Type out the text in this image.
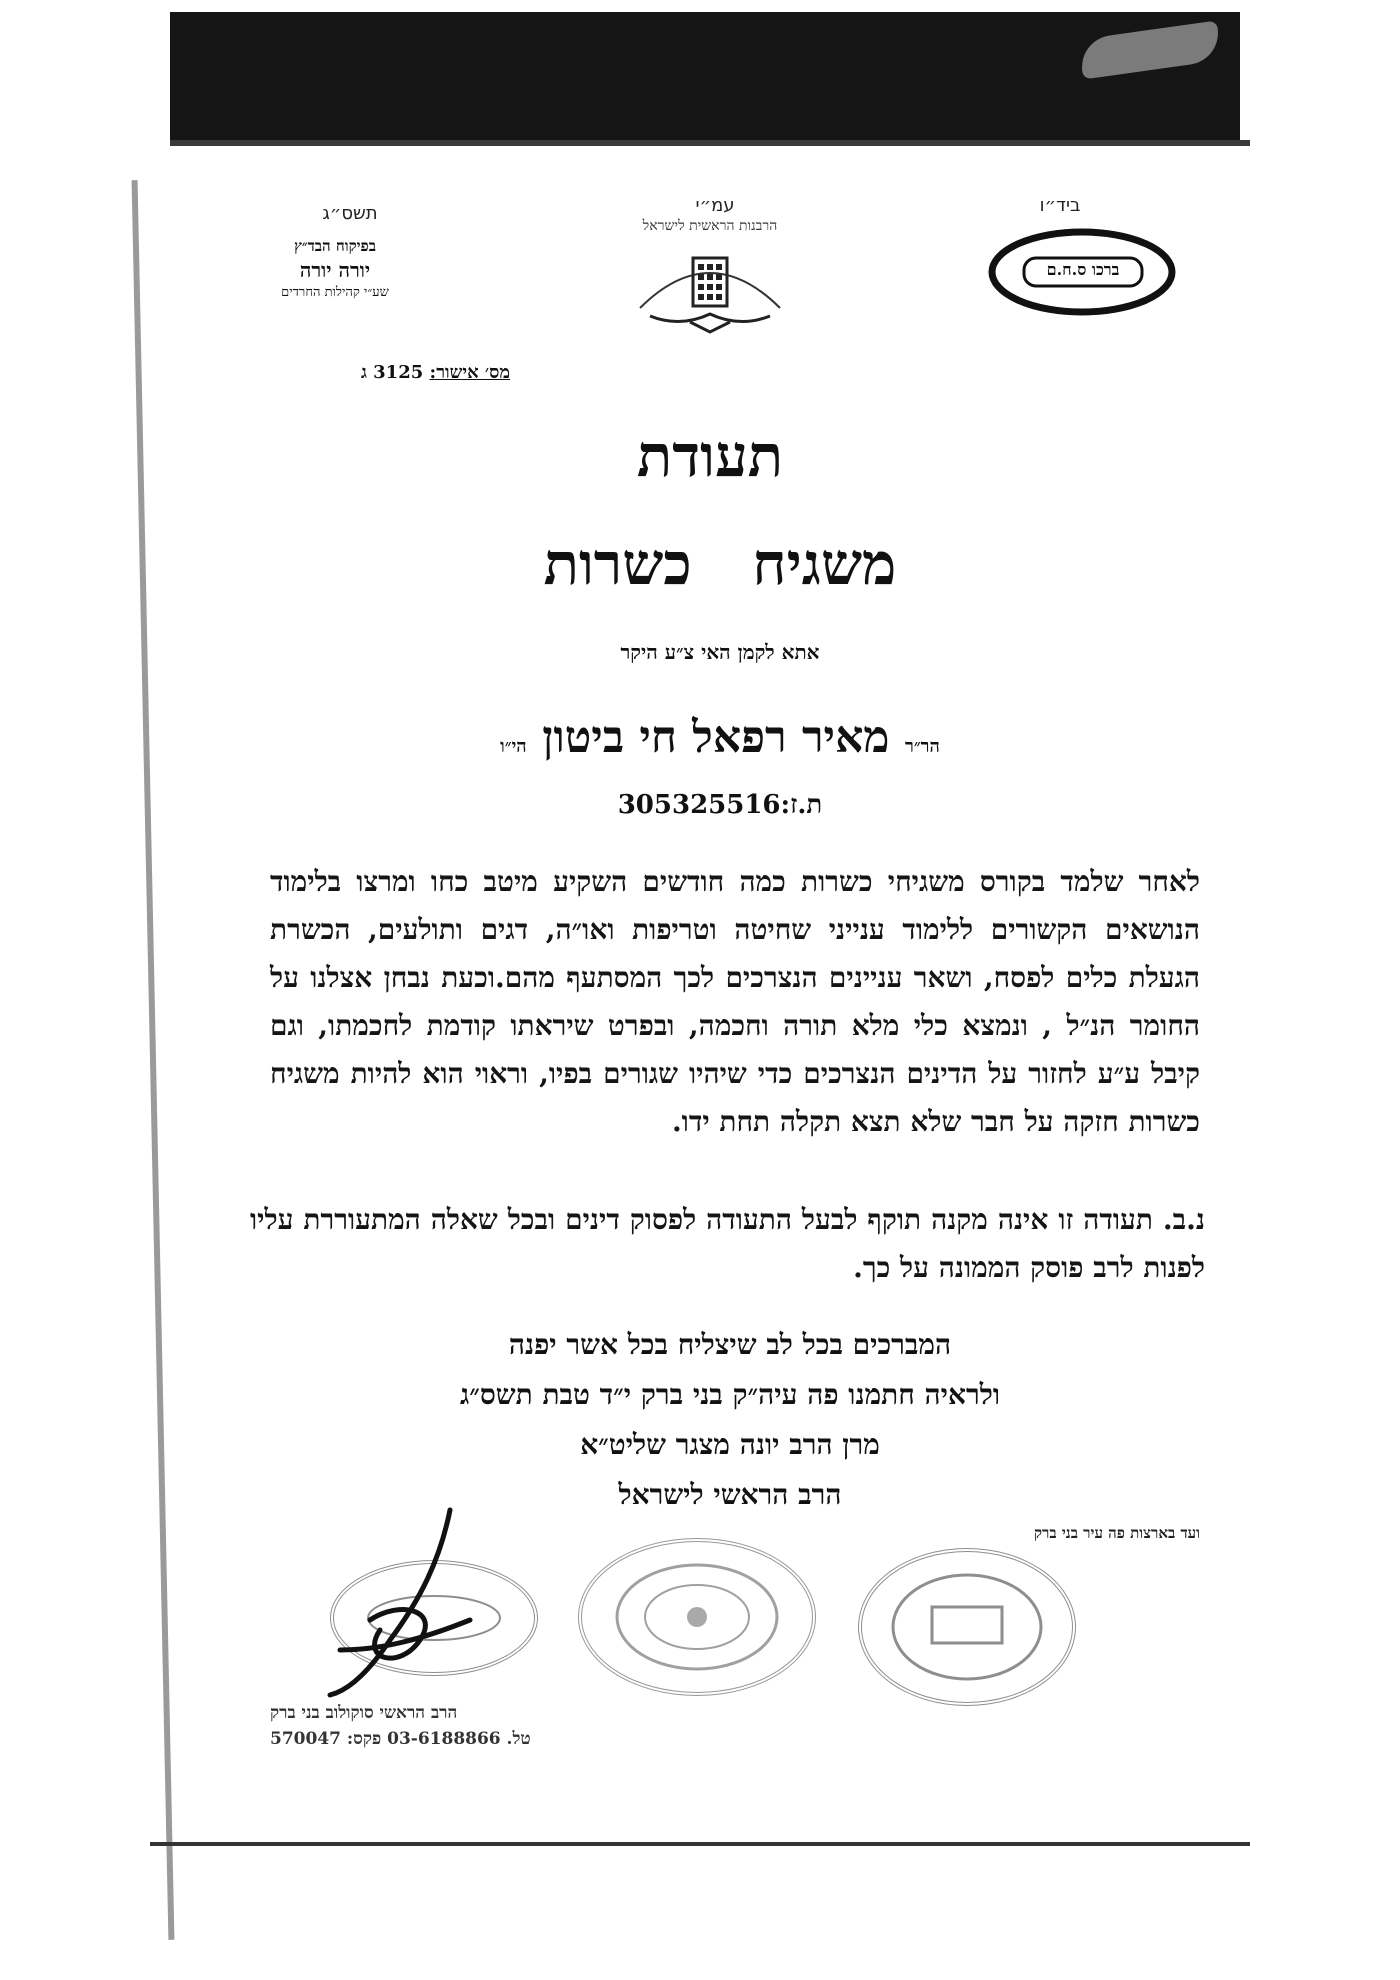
ביד״ו
עמ״י
תשס״ג
ברכו ס.ח.ם
הרבנות הראשית לישראל
בפיקוח הבד״ץ
יורה יורה
שע״י קהילות החרדים
מס׳ אישור: 3125 ג
תעודת
משגיח   כשרות
אתא לקמן האי צ״ע היקר
הר״ר מאיר רפאל חי ביטון הי״ו
ת.ז:305325516
לאחר שלמד בקורס משגיחי כשרות כמה חודשים השקיע מיטב כחו ומרצו בלימוד הנושאים הקשורים ללימוד ענייני שחיטה וטריפות ואו״ה, דגים ותולעים, הכשרת הגעלת כלים לפסח, ושאר עניינים הנצרכים לכך המסתעף מהם.וכעת נבחן אצלנו על החומר הנ״ל , ונמצא כלי מלא תורה וחכמה, ובפרט שיראתו קודמת לחכמתו, וגם קיבל ע״ע לחזור על הדינים הנצרכים כדי שיהיו שגורים בפיו, וראוי הוא להיות משגיח כשרות חזקה על חבר שלא תצא תקלה תחת ידו.
נ.ב. תעודה זו אינה מקנה תוקף לבעל התעודה לפסוק דינים ובכל שאלה המתעוררת עליו לפנות לרב פוסק הממונה על כך.
המברכים בכל לב שיצליח בכל אשר יפנה
ולראיה חתמנו פה עיה״ק בני ברק י״ד טבת תשס״ג
מרן הרב יונה מצגר שליט״א
הרב הראשי לישראל
ועד בארצות פה עיר בני ברק
הרב הראשי סוקולוב בני ברק
טל. 03-6188866 פקס: 570047
